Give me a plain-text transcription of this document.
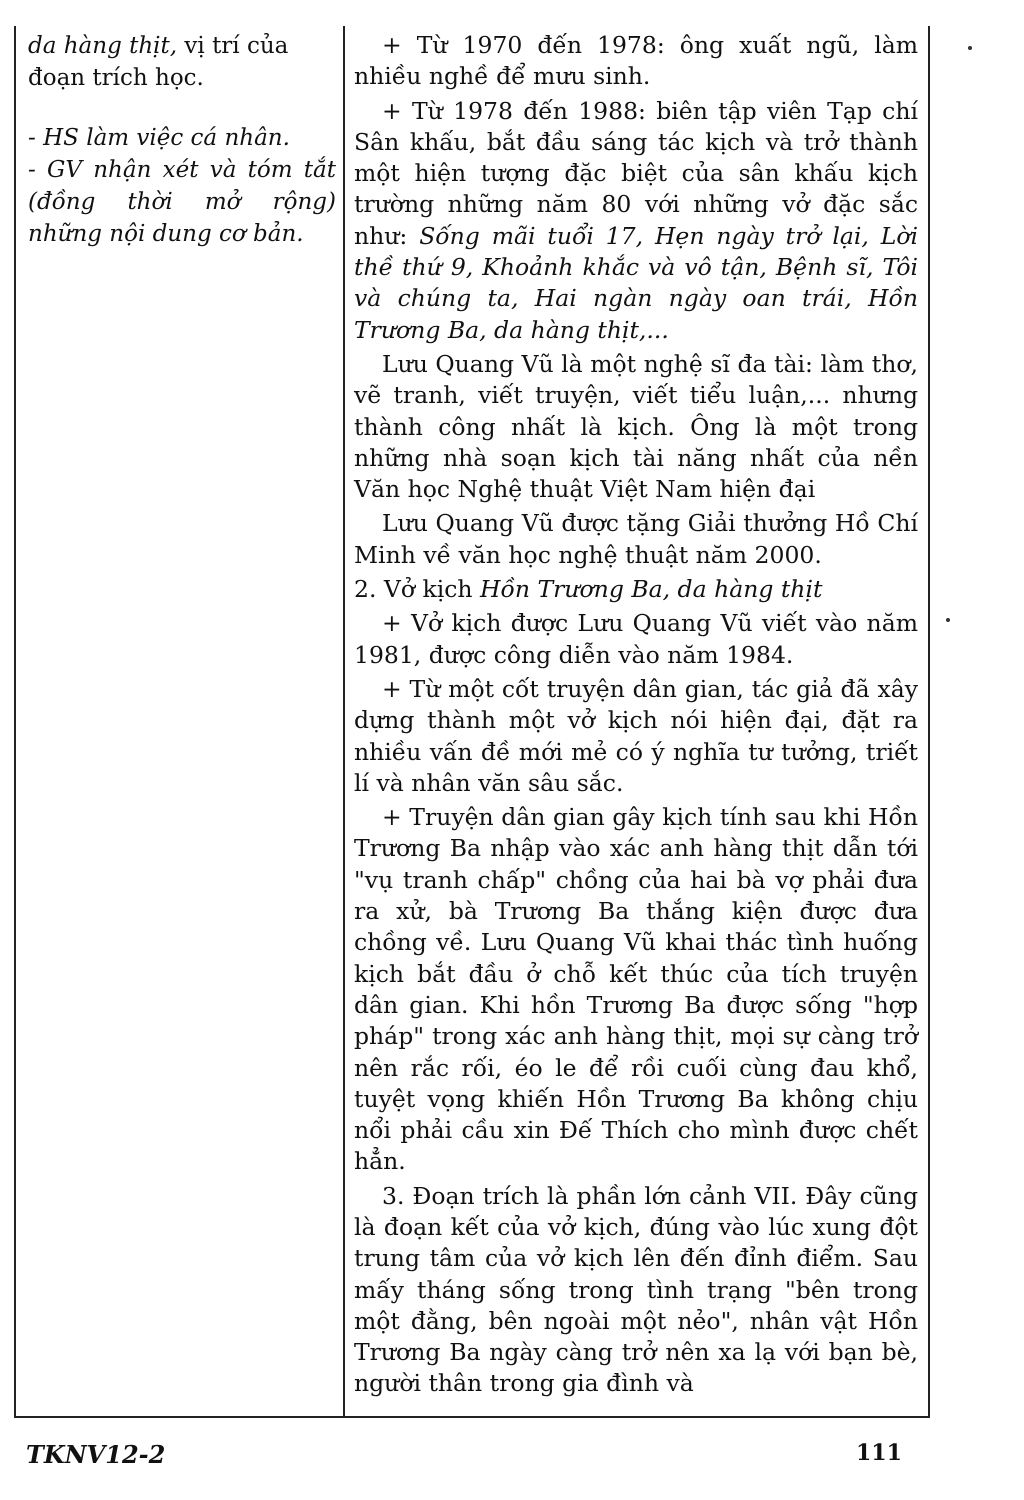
da hàng thịt, vị trí của đoạn trích học.

- HS làm việc cá nhân.

- GV nhận xét và tóm tắt (đồng thời mở rộng) những nội dung cơ bản.

+ Từ 1970 đến 1978: ông xuất ngũ, làm nhiều nghề để mưu sinh.

+ Từ 1978 đến 1988: biên tập viên Tạp chí Sân khấu, bắt đầu sáng tác kịch và trở thành một hiện tượng đặc biệt của sân khấu kịch trường những năm 80 với những vở đặc sắc như: Sống mãi tuổi 17, Hẹn ngày trở lại, Lời thề thứ 9, Khoảnh khắc và vô tận, Bệnh sĩ, Tôi và chúng ta, Hai ngàn ngày oan trái, Hồn Trương Ba, da hàng thịt,...

Lưu Quang Vũ là một nghệ sĩ đa tài: làm thơ, vẽ tranh, viết truyện, viết tiểu luận,... nhưng thành công nhất là kịch. Ông là một trong những nhà soạn kịch tài năng nhất của nền Văn học Nghệ thuật Việt Nam hiện đại

Lưu Quang Vũ được tặng Giải thưởng Hồ Chí Minh về văn học nghệ thuật năm 2000.

2. Vở kịch Hồn Trương Ba, da hàng thịt

+ Vở kịch được Lưu Quang Vũ viết vào năm 1981, được công diễn vào năm 1984.

+ Từ một cốt truyện dân gian, tác giả đã xây dựng thành một vở kịch nói hiện đại, đặt ra nhiều vấn đề mới mẻ có ý nghĩa tư tưởng, triết lí và nhân văn sâu sắc.

+ Truyện dân gian gây kịch tính sau khi Hồn Trương Ba nhập vào xác anh hàng thịt dẫn tới "vụ tranh chấp" chồng của hai bà vợ phải đưa ra xử, bà Trương Ba thắng kiện được đưa chồng về. Lưu Quang Vũ khai thác tình huống kịch bắt đầu ở chỗ kết thúc của tích truyện dân gian. Khi hồn Trương Ba được sống "hợp pháp" trong xác anh hàng thịt, mọi sự càng trở nên rắc rối, éo le để rồi cuối cùng đau khổ, tuyệt vọng khiến Hồn Trương Ba không chịu nổi phải cầu xin Đế Thích cho mình được chết hẳn.

3. Đoạn trích là phần lớn cảnh VII. Đây cũng là đoạn kết của vở kịch, đúng vào lúc xung đột trung tâm của vở kịch lên đến đỉnh điểm. Sau mấy tháng sống trong tình trạng "bên trong một đằng, bên ngoài một nẻo", nhân vật Hồn Trương Ba ngày càng trở nên xa lạ với bạn bè, người thân trong gia đình và

TKNV12-2	111
